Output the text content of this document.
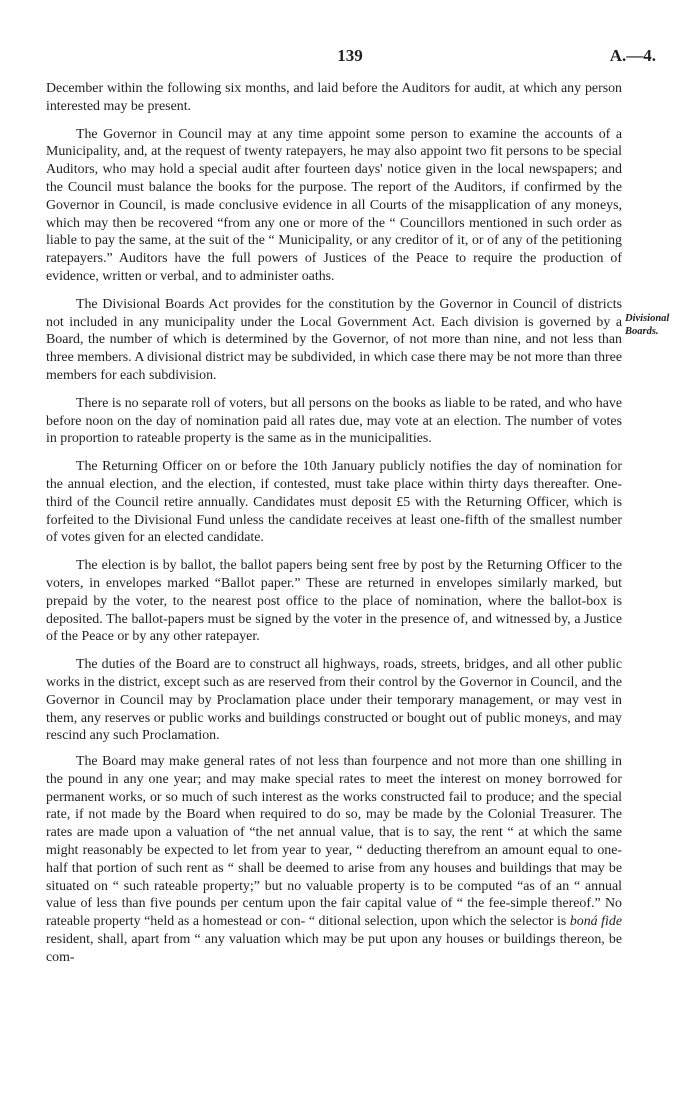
139	A.—4.
Divisional
Boards.

December within the following six months, and laid before the Auditors for audit, at which any person interested may be present.

The Governor in Council may at any time appoint some person to examine the accounts of a Municipality, and, at the request of twenty ratepayers, he may also appoint two fit persons to be special Auditors, who may hold a special audit after fourteen days' notice given in the local newspapers; and the Council must balance the books for the purpose. The report of the Auditors, if confirmed by the Governor in Council, is made conclusive evidence in all Courts of the misapplication of any moneys, which may then be recovered “from any one or more of the “ Councillors mentioned in such order as liable to pay the same, at the suit of the “ Municipality, or any creditor of it, or of any of the petitioning ratepayers.” Auditors have the full powers of Justices of the Peace to require the production of evidence, written or verbal, and to administer oaths.

The Divisional Boards Act provides for the constitution by the Governor in Council of districts not included in any municipality under the Local Government Act. Each division is governed by a Board, the number of which is determined by the Governor, of not more than nine, and not less than three members. A divisional district may be subdivided, in which case there may be not more than three members for each subdivision.

There is no separate roll of voters, but all persons on the books as liable to be rated, and who have before noon on the day of nomination paid all rates due, may vote at an election. The number of votes in proportion to rateable property is the same as in the municipalities.

The Returning Officer on or before the 10th January publicly notifies the day of nomination for the annual election, and the election, if contested, must take place within thirty days thereafter. One-third of the Council retire annually. Candidates must deposit £5 with the Returning Officer, which is forfeited to the Divisional Fund unless the candidate receives at least one-fifth of the smallest number of votes given for an elected candidate.

The election is by ballot, the ballot papers being sent free by post by the Returning Officer to the voters, in envelopes marked “Ballot paper.” These are returned in envelopes similarly marked, but prepaid by the voter, to the nearest post office to the place of nomination, where the ballot-box is deposited. The ballot-papers must be signed by the voter in the presence of, and witnessed by, a Justice of the Peace or by any other ratepayer.

The duties of the Board are to construct all highways, roads, streets, bridges, and all other public works in the district, except such as are reserved from their control by the Governor in Council, and the Governor in Council may by Proclamation place under their temporary management, or may vest in them, any reserves or public works and buildings constructed or bought out of public moneys, and may rescind any such Proclamation.

The Board may make general rates of not less than fourpence and not more than one shilling in the pound in any one year; and may make special rates to meet the interest on money borrowed for permanent works, or so much of such interest as the works constructed fail to produce; and the special rate, if not made by the Board when required to do so, may be made by the Colonial Treasurer. The rates are made upon a valuation of “the net annual value, that is to say, the rent “ at which the same might reasonably be expected to let from year to year, “ deducting therefrom an amount equal to one-half that portion of such rent as “ shall be deemed to arise from any houses and buildings that may be situated on “ such rateable property;” but no valuable property is to be computed “as of an “ annual value of less than five pounds per centum upon the fair capital value of “ the fee-simple thereof.” No rateable property “held as a homestead or con- “ ditional selection, upon which the selector is boná fide resident, shall, apart from “ any valuation which may be put upon any houses or buildings thereon, be com-
